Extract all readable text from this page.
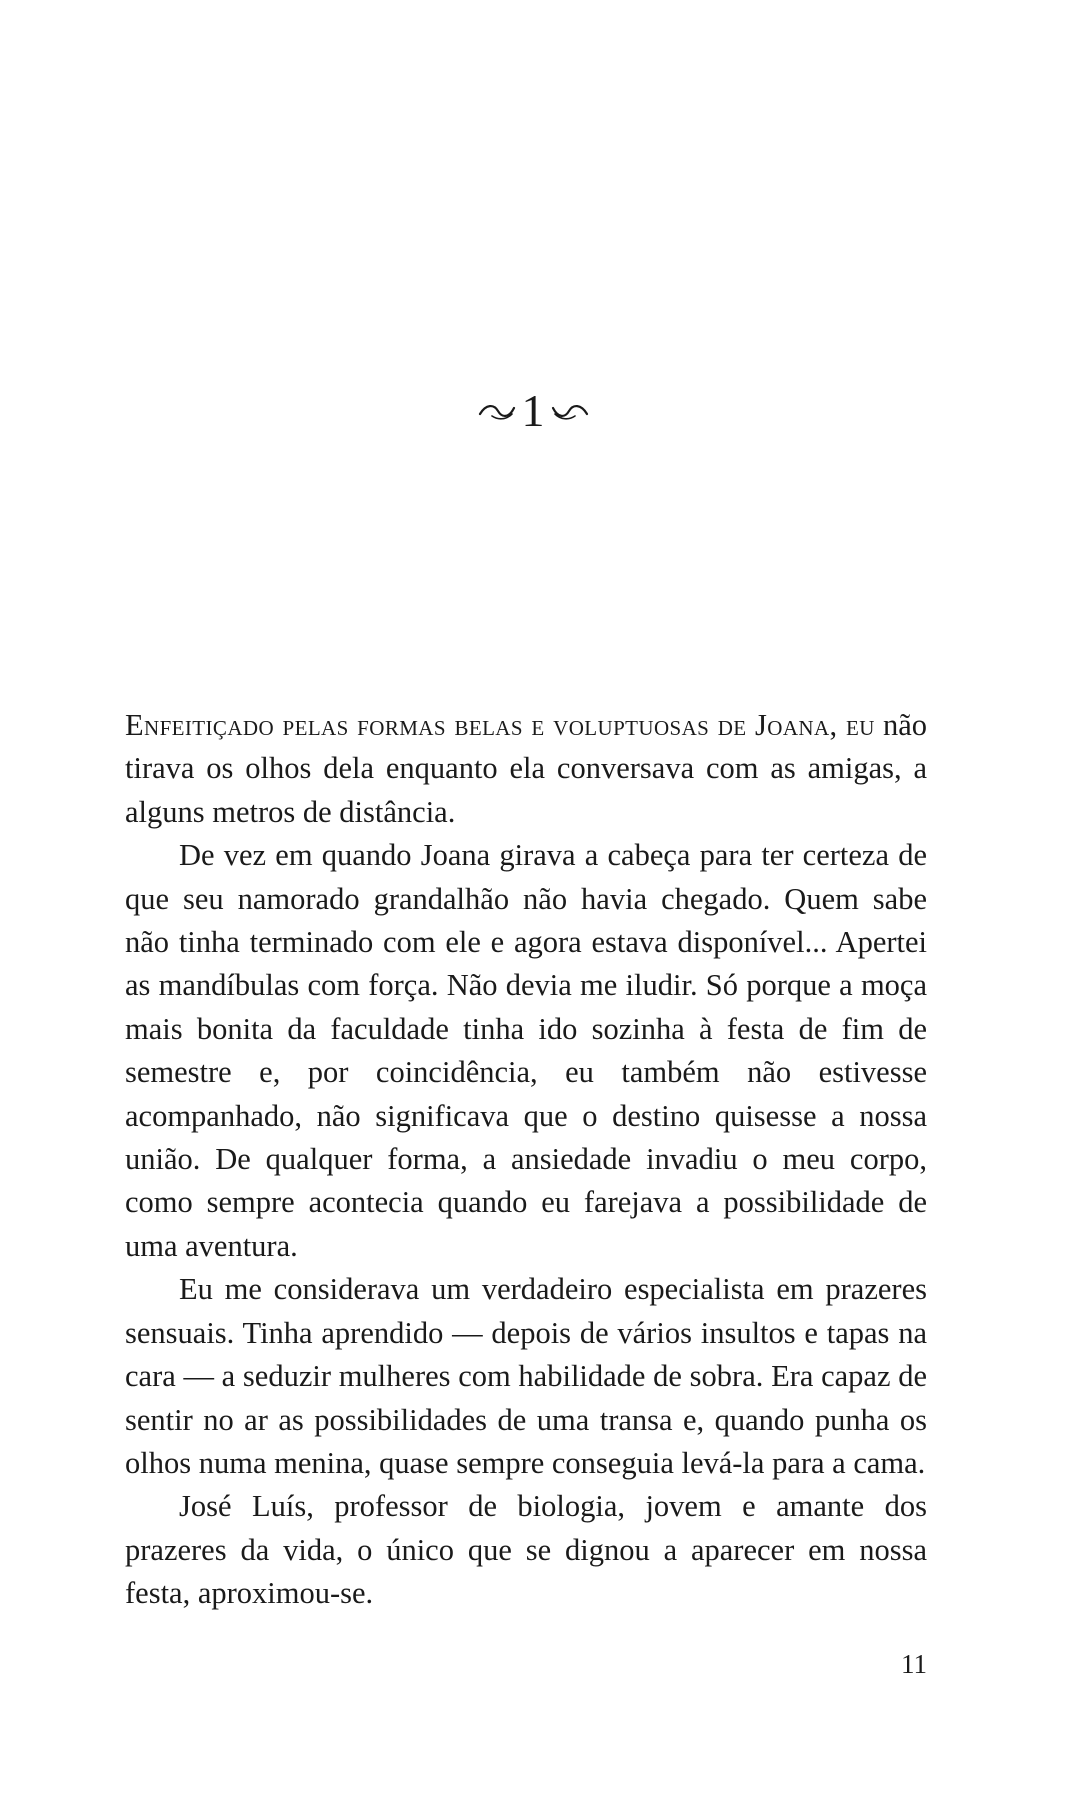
1

Enfeitiçado pelas formas belas e voluptuosas de Joana, eu não tirava os olhos dela enquanto ela conversava com as amigas, a alguns metros de distância.

De vez em quando Joana girava a cabeça para ter certeza de que seu namorado grandalhão não havia chegado. Quem sabe não tinha terminado com ele e agora estava disponível... Apertei as mandíbulas com força. Não devia me iludir. Só porque a moça mais bonita da faculdade tinha ido sozinha à festa de fim de semestre e, por coincidência, eu também não estivesse acompanhado, não significava que o destino quisesse a nossa união. De qualquer forma, a ansiedade invadiu o meu corpo, como sempre acontecia quando eu farejava a possibilidade de uma aventura.

Eu me considerava um verdadeiro especialista em prazeres sensuais. Tinha aprendido — depois de vários insultos e tapas na cara — a seduzir mulheres com habilidade de sobra. Era capaz de sentir no ar as possibilidades de uma transa e, quando punha os olhos numa menina, quase sempre conseguia levá-la para a cama.

José Luís, professor de biologia, jovem e amante dos prazeres da vida, o único que se dignou a aparecer em nossa festa, aproximou-se.

11
